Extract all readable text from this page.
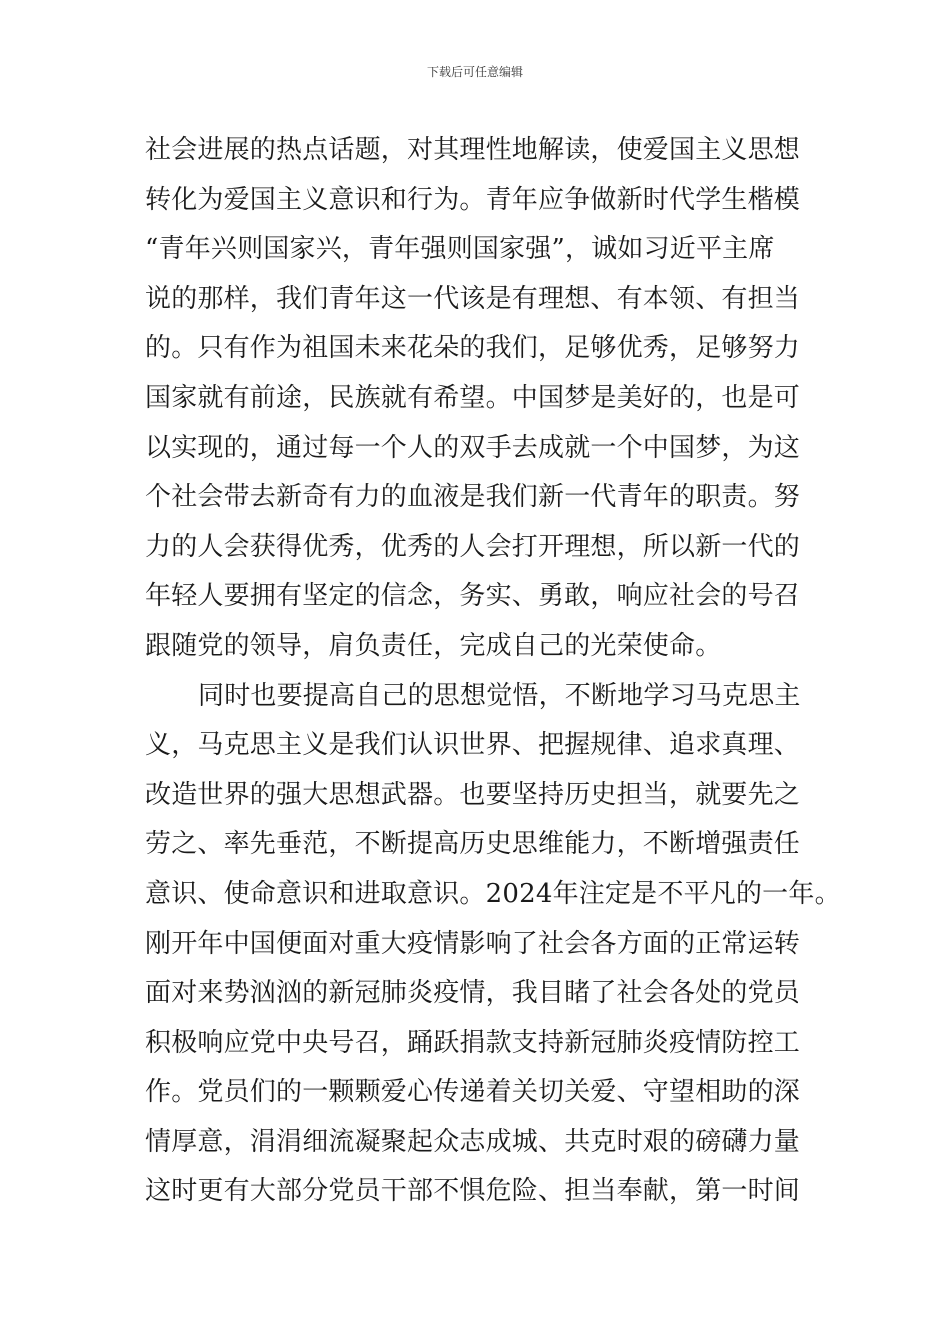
下载后可任意编辑
社会进展的热点话题，对其理性地解读，使爱国主义思想
转化为爱国主义意识和行为。青年应争做新时代学生楷模
“青年兴则国家兴，青年强则国家强”，诚如习近平主席
说的那样，我们青年这一代该是有理想、有本领、有担当
的。只有作为祖国未来花朵的我们，足够优秀，足够努力
国家就有前途，民族就有希望。中国梦是美好的，也是可
以实现的，通过每一个人的双手去成就一个中国梦，为这
个社会带去新奇有力的血液是我们新一代青年的职责。努
力的人会获得优秀，优秀的人会打开理想，所以新一代的
年轻人要拥有坚定的信念，务实、勇敢，响应社会的号召
跟随党的领导，肩负责任，完成自己的光荣使命。
同时也要提高自己的思想觉悟，不断地学习马克思主
义，马克思主义是我们认识世界、把握规律、追求真理、
改造世界的强大思想武器。也要坚持历史担当，就要先之
劳之、率先垂范，不断提高历史思维能力，不断增强责任
意识、使命意识和进取意识。2024年注定是不平凡的一年。
刚开年中国便面对重大疫情影响了社会各方面的正常运转
面对来势汹汹的新冠肺炎疫情，我目睹了社会各处的党员
积极响应党中央号召，踊跃捐款支持新冠肺炎疫情防控工
作。党员们的一颗颗爱心传递着关切关爱、守望相助的深
情厚意，涓涓细流凝聚起众志成城、共克时艰的磅礴力量
这时更有大部分党员干部不惧危险、担当奉献，第一时间
